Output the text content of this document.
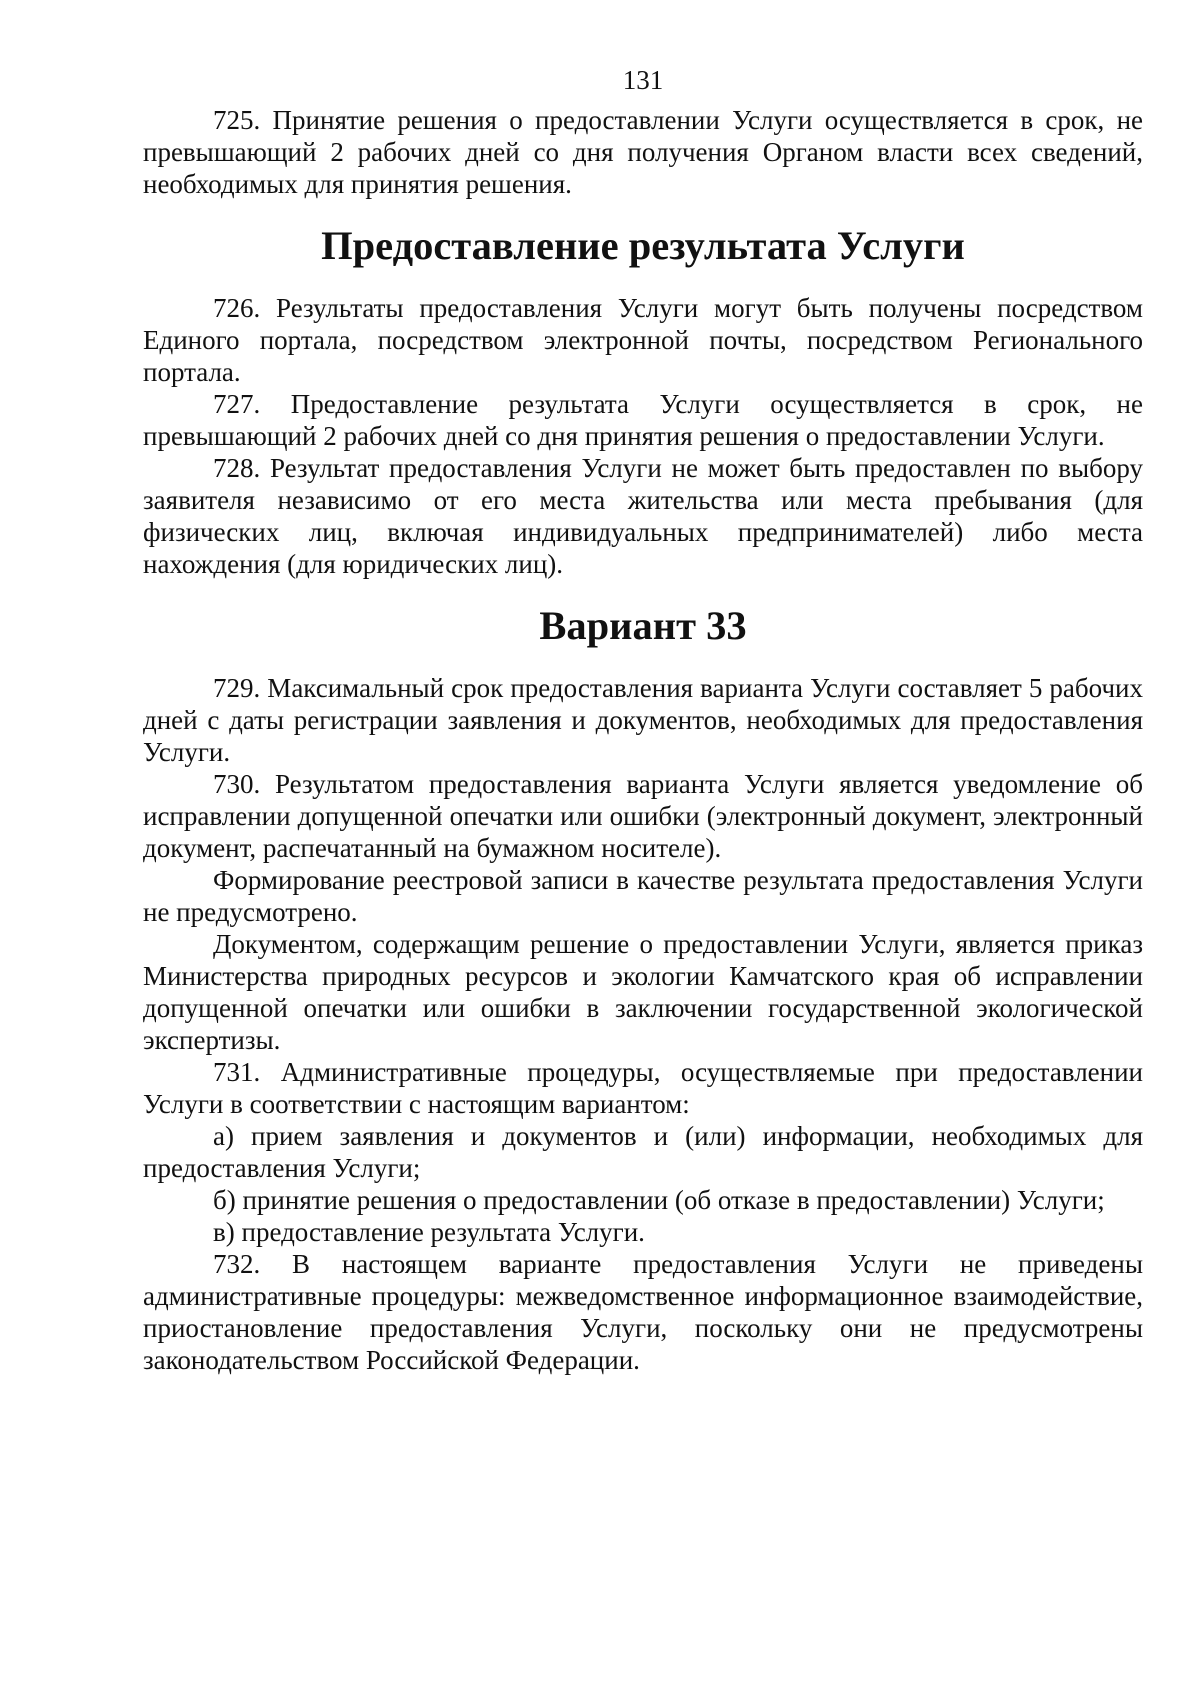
131

725. Принятие решения о предоставлении Услуги осуществляется в срок, не превышающий 2 рабочих дней со дня получения Органом власти всех сведений, необходимых для принятия решения.

Предоставление результата Услуги

726. Результаты предоставления Услуги могут быть получены посредством Единого портала, посредством электронной почты, посредством Регионального портала.

727. Предоставление результата Услуги осуществляется в срок, не превышающий 2 рабочих дней со дня принятия решения о предоставлении Услуги.

728. Результат предоставления Услуги не может быть предоставлен по выбору заявителя независимо от его места жительства или места пребывания (для физических лиц, включая индивидуальных предпринимателей) либо места нахождения (для юридических лиц).

Вариант 33

729. Максимальный срок предоставления варианта Услуги составляет 5 рабочих дней с даты регистрации заявления и документов, необходимых для предоставления Услуги.

730. Результатом предоставления варианта Услуги является уведомление об исправлении допущенной опечатки или ошибки (электронный документ, электронный документ, распечатанный на бумажном носителе).

Формирование реестровой записи в качестве результата предоставления Услуги не предусмотрено.

Документом, содержащим решение о предоставлении Услуги, является приказ Министерства природных ресурсов и экологии Камчатского края об исправлении допущенной опечатки или ошибки в заключении государственной экологической экспертизы.

731. Административные процедуры, осуществляемые при предоставлении Услуги в соответствии с настоящим вариантом:

а) прием заявления и документов и (или) информации, необходимых для предоставления Услуги;

б) принятие решения о предоставлении (об отказе в предоставлении) Услуги;

в) предоставление результата Услуги.

732. В настоящем варианте предоставления Услуги не приведены административные процедуры: межведомственное информационное взаимодействие, приостановление предоставления Услуги, поскольку они не предусмотрены законодательством Российской Федерации.
